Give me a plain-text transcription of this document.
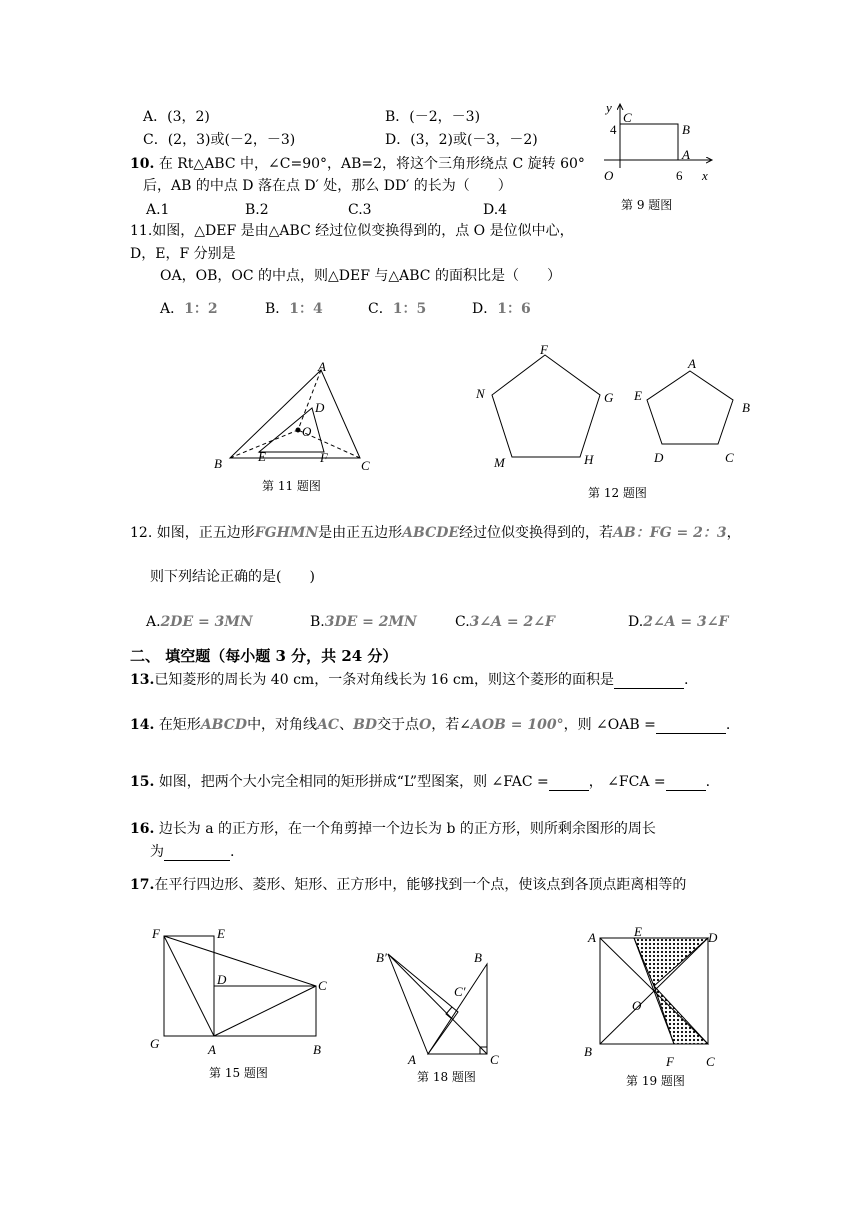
A．(3，2)	B．(－2，－3)
C．(2，3)或(－2，－3)	D．(3，2)或(－3，－2)
y
C
B
A
O
4
6 x
第 9 题图
10. 在 Rt△ABC 中，∠C=90°，AB=2，将这个三角形绕点 C 旋转 60°
后，AB 的中点 D 落在点 D′ 处，那么 DD′ 的长为（　　）
A.1	B.2	C.3	D.4
11.如图，△DEF 是由△ABC 经过位似变换得到的，点 O 是位似中心，
D，E，F 分别是
OA，OB，OC 的中点，则△DEF 与△ABC 的面积比是（　　）
A．1：2	B．1：4	C．1：5	D．1：6
A
B	C
D
E	F
O
第 11 题图
F
N	G
M	H
A
E
B
D	C
第 12 题图
12. 如图，正五边形FGHMN是由正五边形ABCDE经过位似变换得到的，若AB：FG = 2：3，
则下列结论正确的是(　　)
A.2DE = 3MN	B.3DE = 2MN	C.3∠A = 2∠F	D.2∠A = 3∠F
二、 填空题（每小题 3 分，共 24 分）
13.已知菱形的周长为 40 cm，一条对角线长为 16 cm，则这个菱形的面积是	.
14. 在矩形ABCD中，对角线AC、BD交于点O，若∠AOB = 100°，则 ∠OAB =	.
15. 如图，把两个大小完全相同的矩形拼成“L”型图案，则 ∠FAC =	， ∠FCA =	.
16. 边长为 a 的正方形，在一个角剪掉一个边长为 b 的正方形，则所剩余图形的周长
为	.
17.在平行四边形、菱形、矩形、正方形中，能够找到一个点，使该点到各顶点距离相等的
F	E
D	C
G	A	B
第 15 题图
B′	B
C′
A	C
第 18 题图
A	E	D
O
B
F C
第 19 题图
